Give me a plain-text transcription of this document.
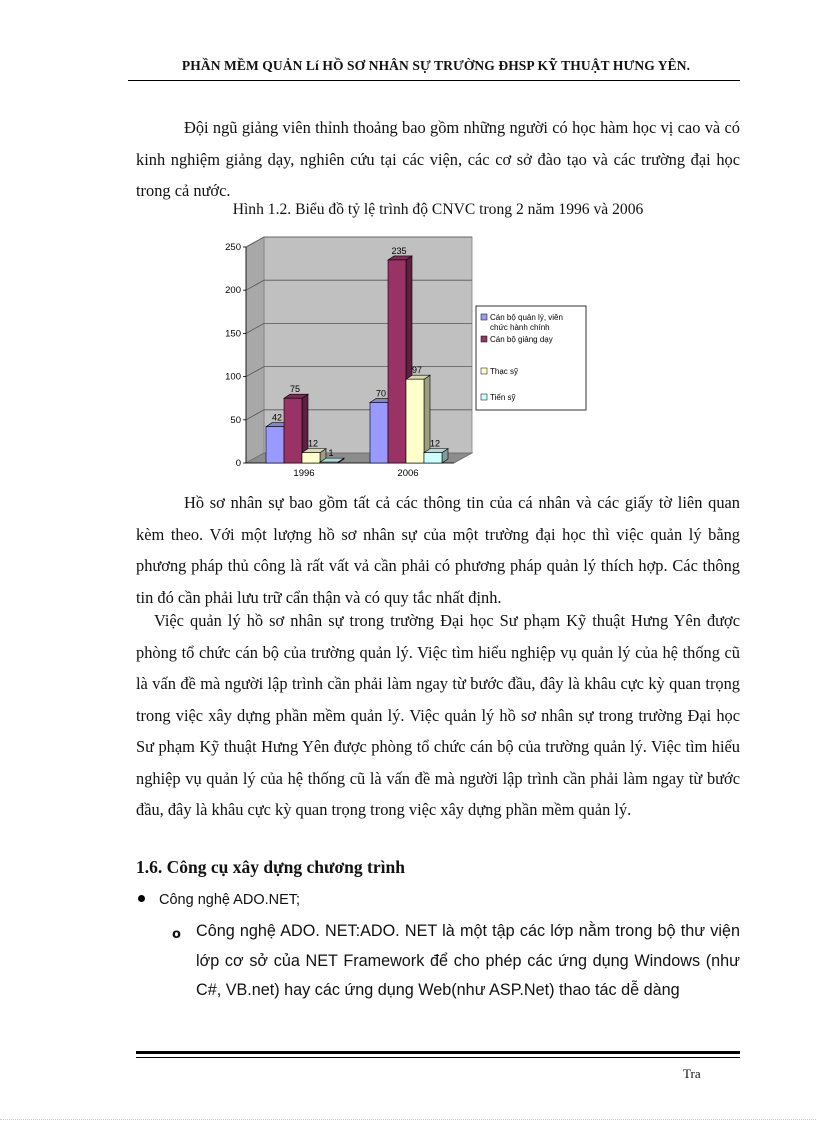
PHẦN MỀM QUẢN Lí HỒ SƠ NHÂN SỰ TRƯỜNG ĐHSP KỸ THUẬT HƯNG YÊN.

Đội ngũ giảng viên thỉnh thoảng bao gồm những người có học hàm học vị cao và có kinh nghiệm giảng dạy, nghiên cứu tại các viện, các cơ sở đào tạo và các trường đại học trong cả nước.

Hình 1.2. Biểu đồ tỷ lệ trình độ CNVC trong 2 năm 1996 và 2006
0
50
100
150
200
250
1996	2006
42
75
12
1
70
235
97
12
Cán bộ quản lý, viên
chức hành chính
Cán bộ giảng dạy
Thạc sỹ
Tiến sỹ

Hồ sơ nhân sự bao gồm tất cả các thông tin của cá nhân và các giấy tờ liên quan kèm theo. Với một lượng hồ sơ nhân sự của một trường đại học thì việc quản lý bằng phương pháp thủ công là rất vất vả cần phải có phương pháp quản lý thích hợp. Các thông tin đó cần phải lưu trữ cẩn thận và có quy tắc nhất định.

Việc quản lý hồ sơ nhân sự trong trường Đại học Sư phạm Kỹ thuật Hưng Yên được phòng tổ chức cán bộ của trường quản lý. Việc tìm hiểu nghiệp vụ quản lý của hệ thống cũ là vấn đề mà người lập trình cần phải làm ngay từ bước đầu, đây là khâu cực kỳ quan trọng trong việc xây dựng phần mềm quản lý. Việc quản lý hồ sơ nhân sự trong trường Đại học Sư phạm Kỹ thuật Hưng Yên được phòng tổ chức cán bộ của trường quản lý. Việc tìm hiểu nghiệp vụ quản lý của hệ thống cũ là vấn đề mà người lập trình cần phải làm ngay từ bước đầu, đây là khâu cực kỳ quan trọng trong việc xây dựng phần mềm quản lý.

1.6. Công cụ xây dựng chương trình
Công nghệ ADO.NET;
o Công nghệ ADO. NET:ADO. NET là một tập các lớp nằm trong bộ thư viện lớp cơ sở của NET Framework để cho phép các ứng dụng Windows (như C#, VB.net) hay các ứng dụng Web(như ASP.Net) thao tác dễ dàng

Tra
